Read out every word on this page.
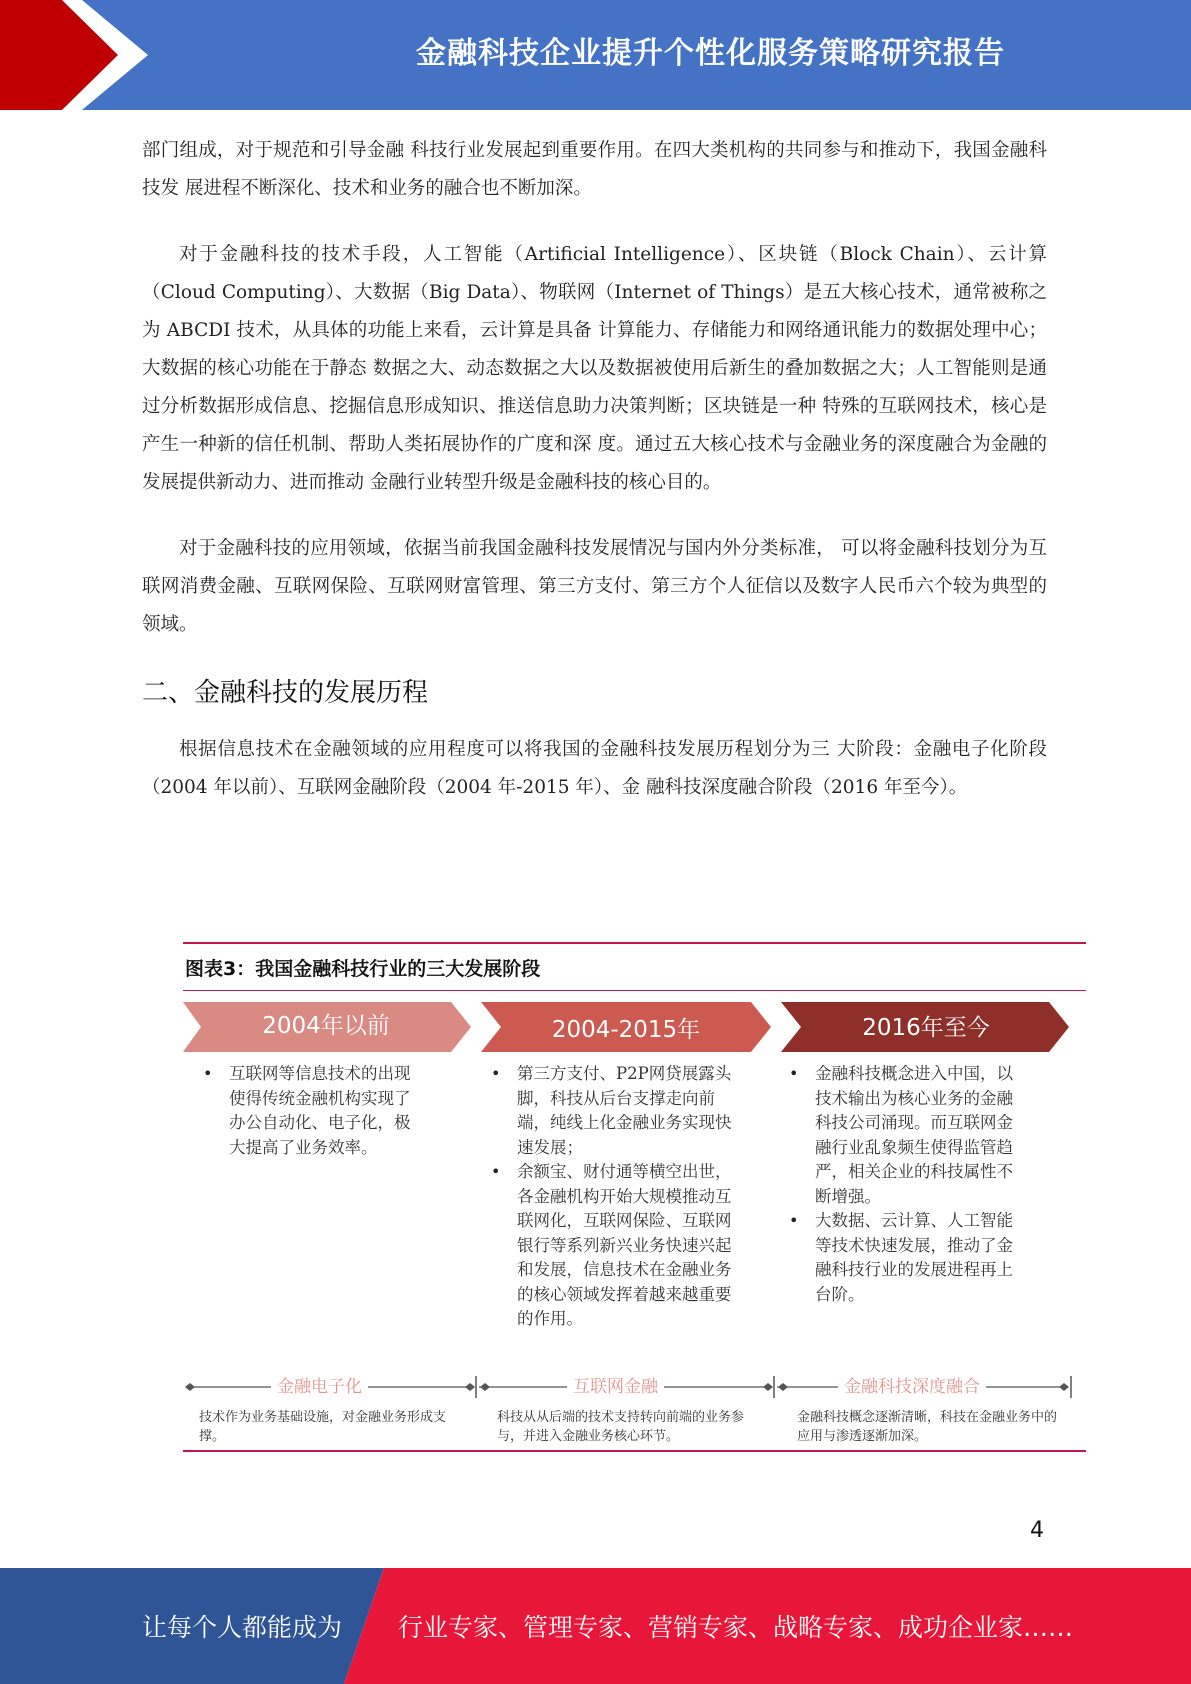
金融科技企业提升个性化服务策略研究报告

部门组成，对于规范和引导金融 科技行业发展起到重要作用。在四大类机构的共同参与和推动下，我国金融科技发 展进程不断深化、技术和业务的融合也不断加深。

对于金融科技的技术手段，人工智能（Artificial Intelligence）、区块链（Block Chain）、云计算（Cloud Computing）、大数据（Big Data）、物联网（Internet of Things）是五大核心技术，通常被称之为 ABCDI 技术，从具体的功能上来看，云计算是具备 计算能力、存储能力和网络通讯能力的数据处理中心；大数据的核心功能在于静态 数据之大、动态数据之大以及数据被使用后新生的叠加数据之大；人工智能则是通 过分析数据形成信息、挖掘信息形成知识、推送信息助力决策判断；区块链是一种 特殊的互联网技术，核心是产生一种新的信任机制、帮助人类拓展协作的广度和深 度。通过五大核心技术与金融业务的深度融合为金融的发展提供新动力、进而推动 金融行业转型升级是金融科技的核心目的。

对于金融科技的应用领域，依据当前我国金融科技发展情况与国内外分类标准， 可以将金融科技划分为互联网消费金融、互联网保险、互联网财富管理、第三方支付、第三方个人征信以及数字人民币六个较为典型的领域。

二、金融科技的发展历程

根据信息技术在金融领域的应用程度可以将我国的金融科技发展历程划分为三 大阶段：金融电子化阶段（2004 年以前）、互联网金融阶段（2004 年-2015 年）、金 融科技深度融合阶段（2016 年至今）。

图表3：我国金融科技行业的三大发展阶段
2004年以前	2004-2015年	2016年至今
• 互联网等信息技术的出现使得传统金融机构实现了办公自动化、电子化，极大提高了业务效率。
• 第三方支付、P2P网贷展露头脚，科技从后台支撑走向前端，纯线上化金融业务实现快速发展；
• 余额宝、财付通等横空出世，各金融机构开始大规模推动互联网化，互联网保险、互联网银行等系列新兴业务快速兴起和发展，信息技术在金融业务的核心领域发挥着越来越重要的作用。
• 金融科技概念进入中国，以技术输出为核心业务的金融科技公司涌现。而互联网金融行业乱象频生使得监管趋严，相关企业的科技属性不断增强。
• 大数据、云计算、人工智能等技术快速发展，推动了金融科技行业的发展进程再上台阶。
金融电子化	互联网金融	金融科技深度融合
技术作为业务基础设施，对金融业务形成支撑。
科技从从后端的技术支持转向前端的业务参与，并进入金融业务核心环节。
金融科技概念逐渐清晰，科技在金融业务中的应用与渗透逐渐加深。
4
让每个人都能成为 行业专家、管理专家、营销专家、战略专家、成功企业家……
